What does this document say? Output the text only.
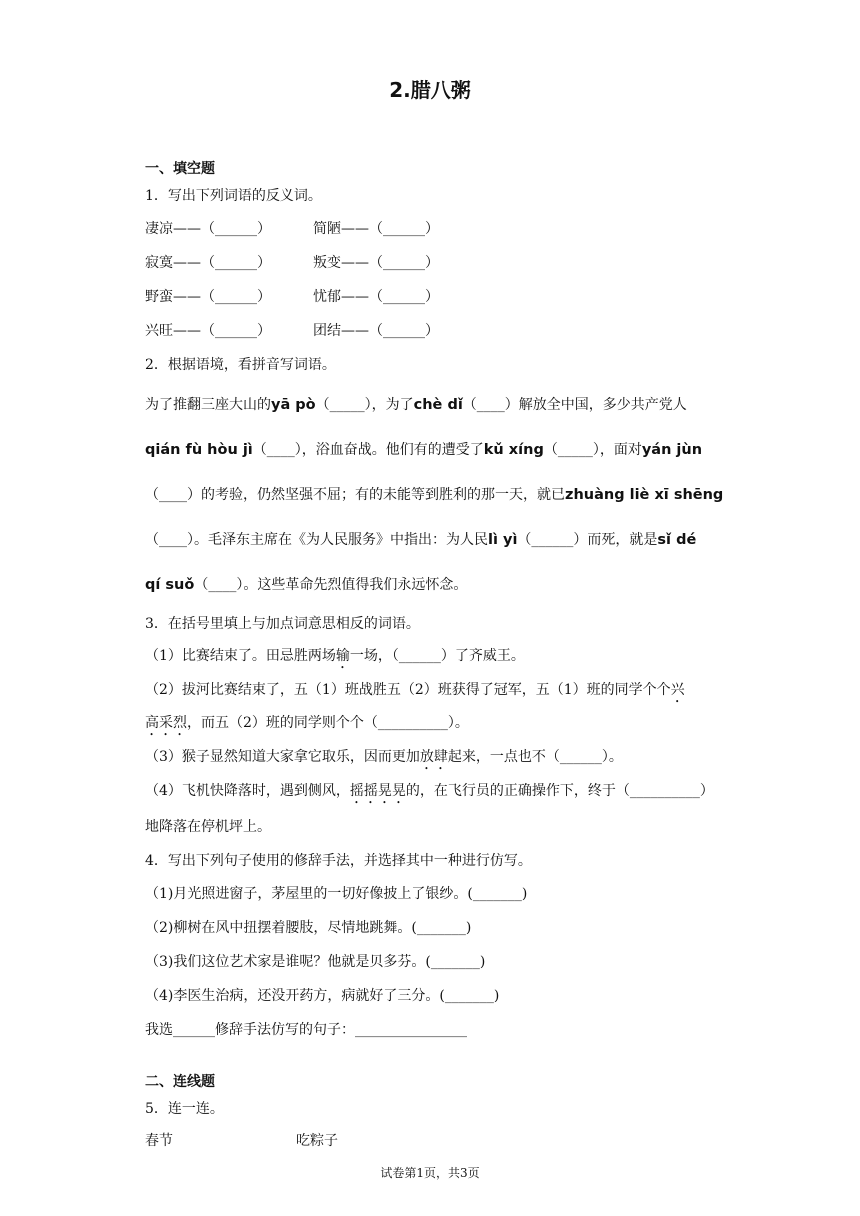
2.腊八粥
一、填空题
1．写出下列词语的反义词。
凄凉——（______）	简陋——（______）
寂寞——（______）	叛变——（______）
野蛮——（______）	忧郁——（______）
兴旺——（______）	团结——（______）
2．根据语境，看拼音写词语。
为了推翻三座大山的yā pò（_____），为了chè dǐ（____）解放全中国，多少共产党人
qián fù hòu jì（____），浴血奋战。他们有的遭受了kǔ xíng（_____），面对yán jùn
（____）的考验，仍然坚强不屈；有的未能等到胜利的那一天，就已zhuàng liè xī shēng
（____）。毛泽东主席在《为人民服务》中指出：为人民lì yì（______）而死，就是sǐ dé
qí suǒ（____）。这些革命先烈值得我们永远怀念。
3．在括号里填上与加点词意思相反的词语。
（1）比赛结束了。田忌胜两场输一场，（______）了齐威王。
（2）拔河比赛结束了，五（1）班战胜五（2）班获得了冠军，五（1）班的同学个个兴
高采烈，而五（2）班的同学则个个（__________）。
（3）猴子显然知道大家拿它取乐，因而更加放肆起来，一点也不（______）。
（4）飞机快降落时，遇到侧风，摇摇晃晃的，在飞行员的正确操作下，终于（__________）
地降落在停机坪上。
4．写出下列句子使用的修辞手法，并选择其中一种进行仿写。
（1)月光照进窗子，茅屋里的一切好像披上了银纱。(_______)
（2)柳树在风中扭摆着腰肢，尽情地跳舞。(_______)
（3)我们这位艺术家是谁呢？他就是贝多芬。(_______)
（4)李医生治病，还没开药方，病就好了三分。(_______)
我选______修辞手法仿写的句子：________________
二、连线题
5．连一连。
春节	吃粽子
试卷第1页，共3页
